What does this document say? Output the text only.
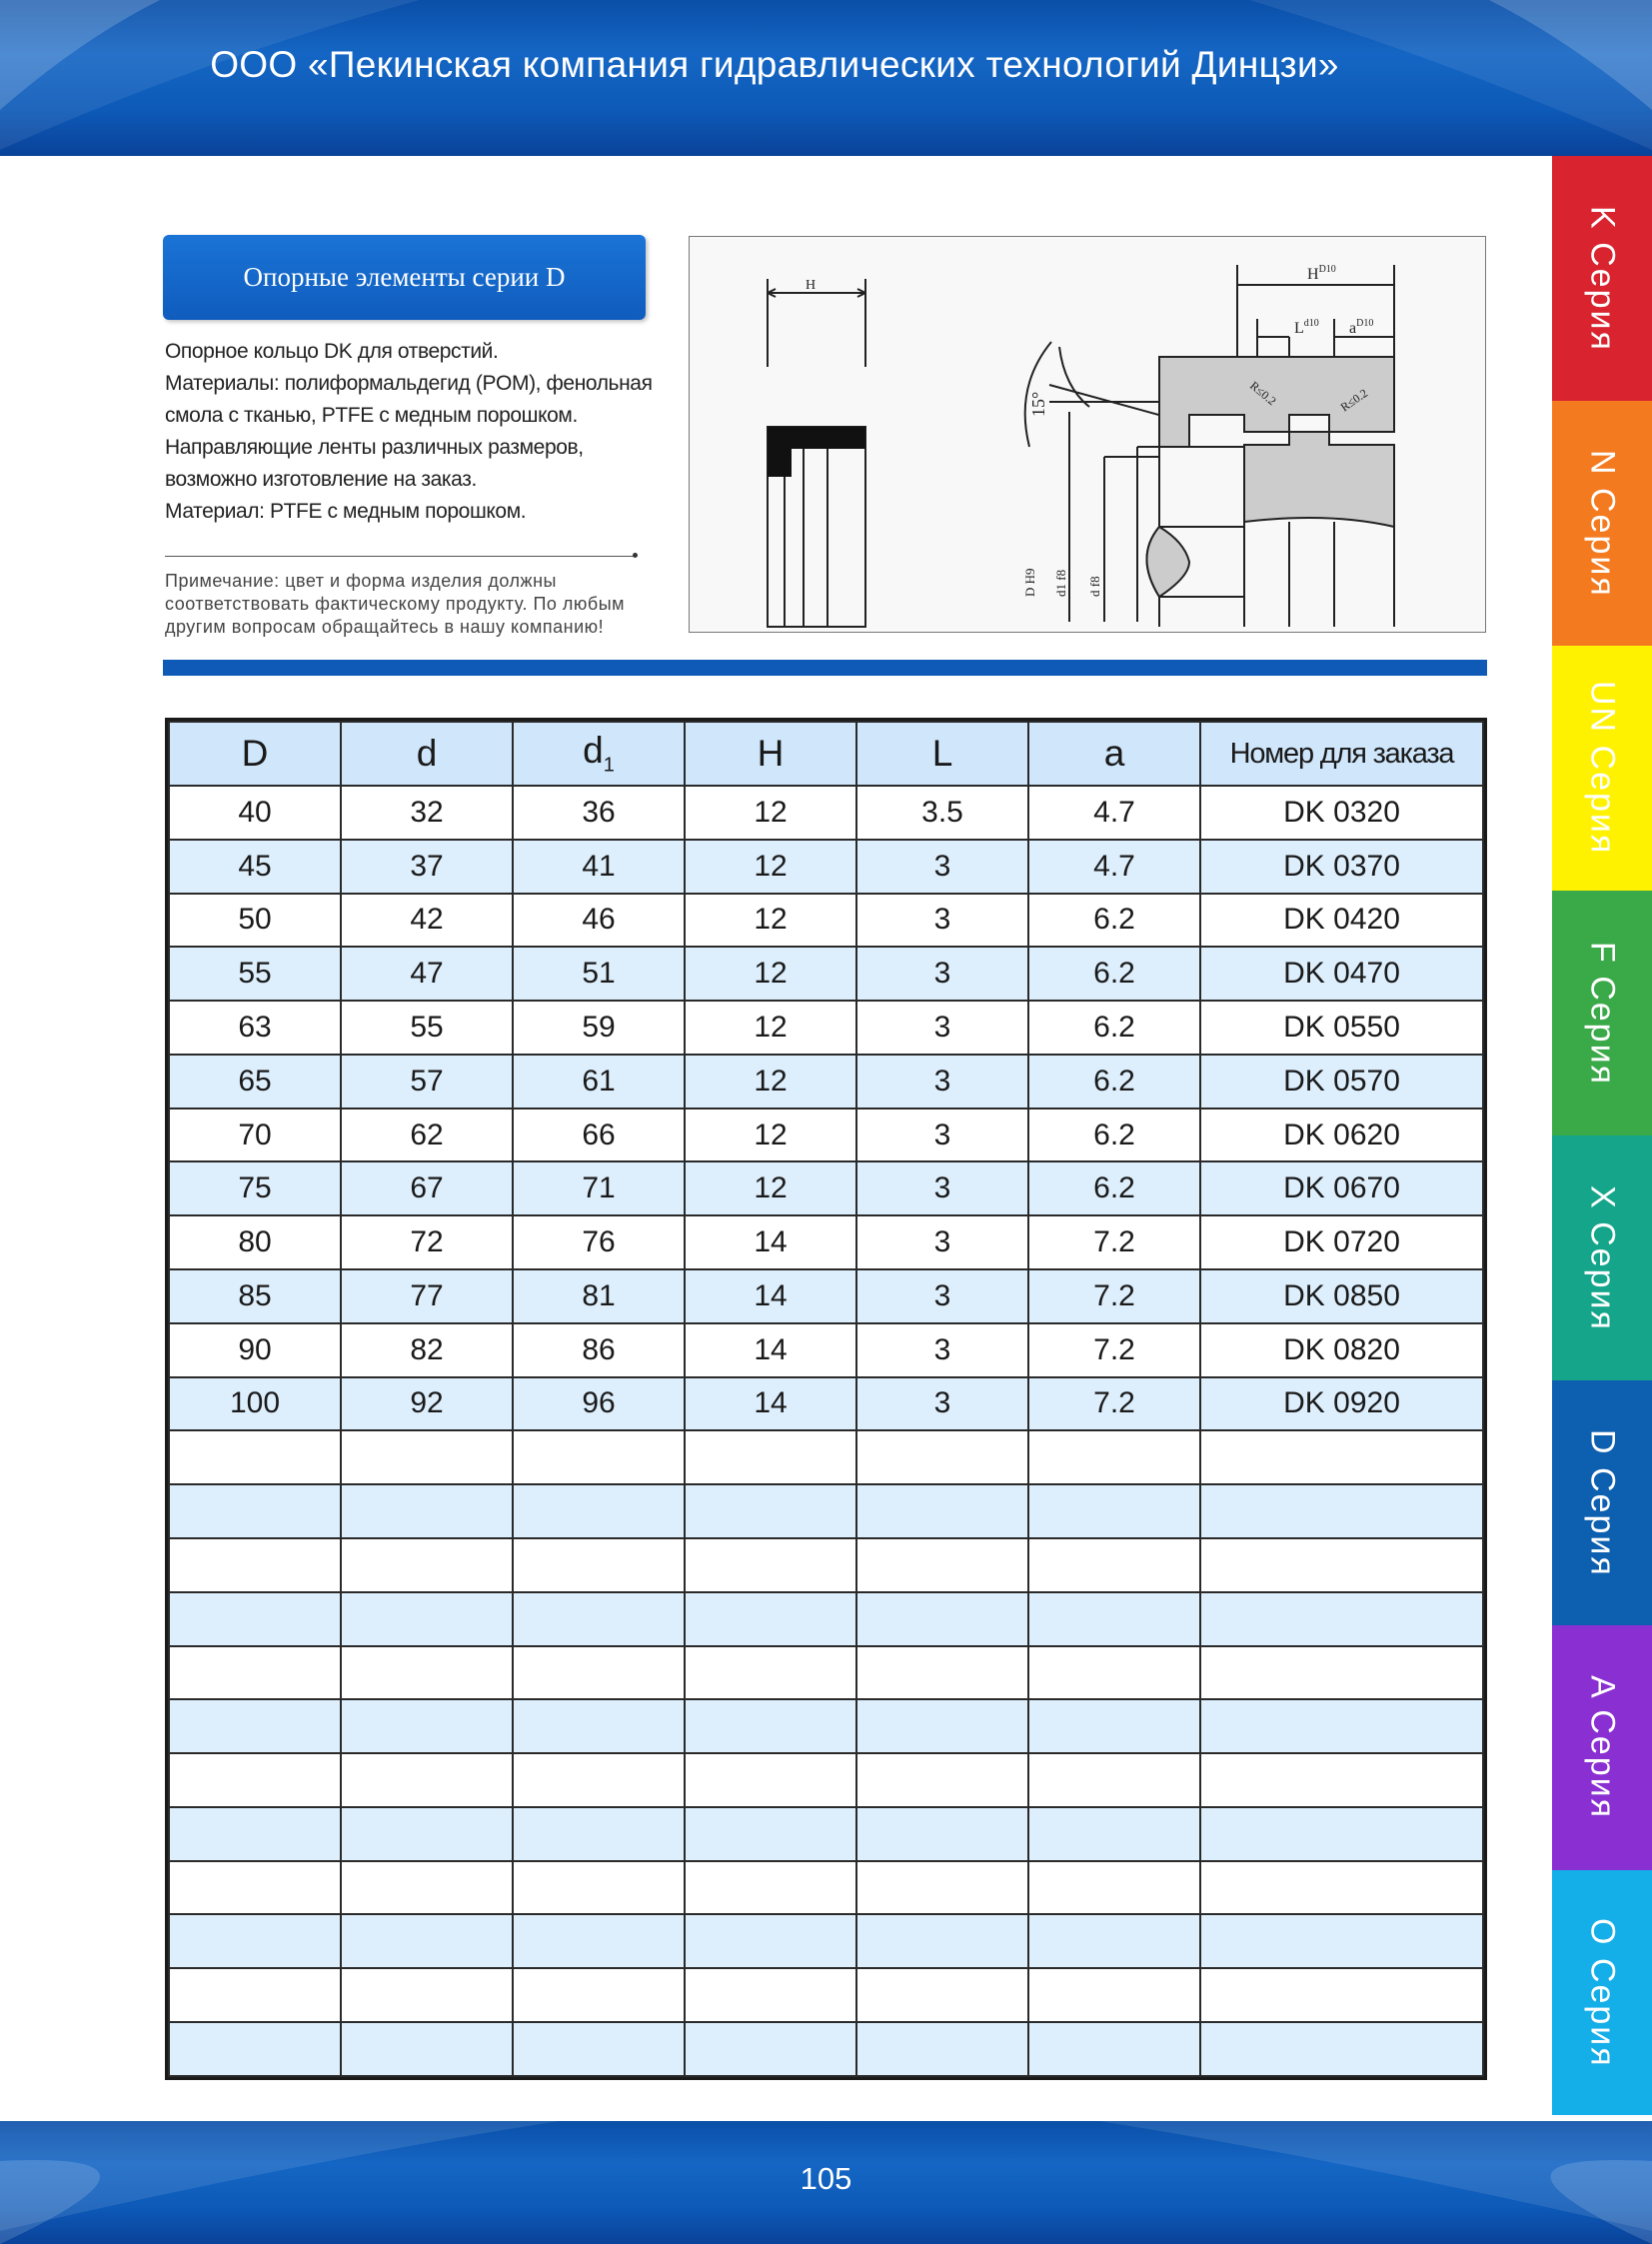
ООО «Пекинская компания гидравлических технологий Динцзи»
Опорные элементы серии D
Опорное кольцо DK для отверстий.
Материалы: полиформальдегид (POM), фенольная
смола с тканью, PTFE с медным порошком.
Направляющие ленты различных размеров,
возможно изготовление на заказ.
Материал: PTFE с медным порошком.
Примечание: цвет и форма изделия должны
соответствовать фактическому продукту. По любым
другим вопросам обращайтесь в нашу компанию!
H
$H^{D10}$
$L^{d10}$ $a^{D10}$
15°	R≤0.2	R≤0.2
D H9 d1 f8 d f8
D	d	$d_1$	H	L	a	Номер для заказа
40	32	36	12	3.5	4.7	DK 0320
45	37	41	12	3	4.7	DK 0370
50	42	46	12	3	6.2	DK 0420
55	47	51	12	3	6.2	DK 0470
63	55	59	12	3	6.2	DK 0550
65	57	61	12	3	6.2	DK 0570
70	62	66	12	3	6.2	DK 0620
75	67	71	12	3	6.2	DK 0670
80	72	76	14	3	7.2	DK 0720
85	77	81	14	3	7.2	DK 0850
90	82	86	14	3	7.2	DK 0820
100	92	96	14	3	7.2	DK 0920

K Серия
N Серия
UN Серия
F Серия
X Серия
D Серия
A Серия
O Серия
105
